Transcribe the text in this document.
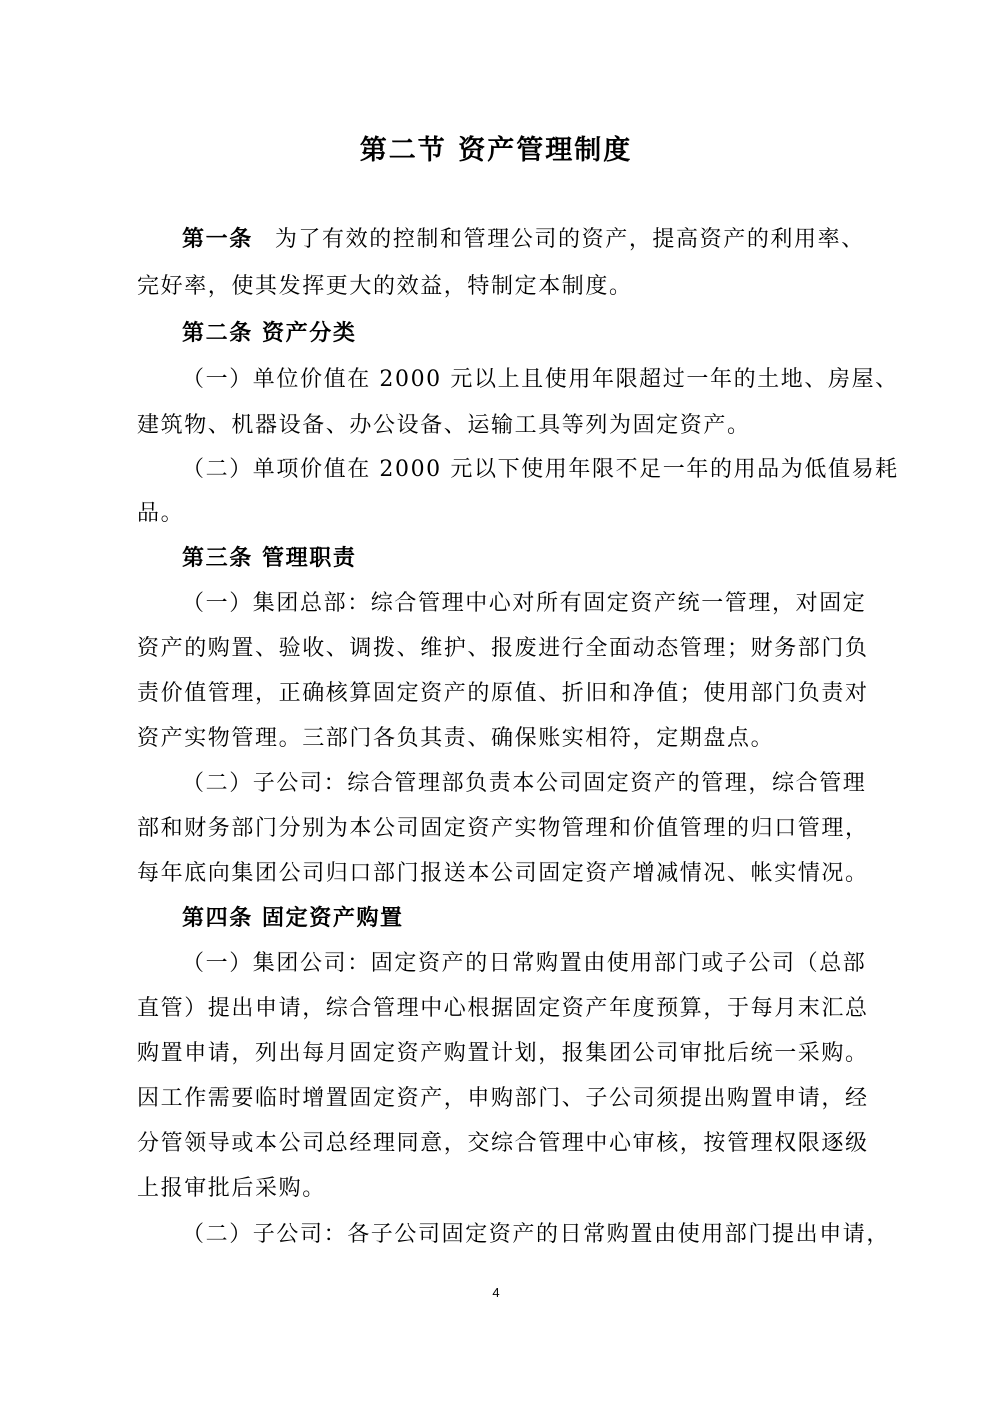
第二节 资产管理制度
第一条 为了有效的控制和管理公司的资产，提高资产的利用率、
完好率，使其发挥更大的效益，特制定本制度。
第二条 资产分类
（一）单位价值在 2000 元以上且使用年限超过一年的土地、房屋、
建筑物、机器设备、办公设备、运输工具等列为固定资产。
（二）单项价值在 2000 元以下使用年限不足一年的用品为低值易耗
品。
第三条 管理职责
（一）集团总部：综合管理中心对所有固定资产统一管理，对固定
资产的购置、验收、调拨、维护、报废进行全面动态管理；财务部门负
责价值管理，正确核算固定资产的原值、折旧和净值；使用部门负责对
资产实物管理。三部门各负其责、确保账实相符，定期盘点。
（二）子公司：综合管理部负责本公司固定资产的管理，综合管理
部和财务部门分别为本公司固定资产实物管理和价值管理的归口管理，
每年底向集团公司归口部门报送本公司固定资产增减情况、帐实情况。
第四条 固定资产购置
（一）集团公司：固定资产的日常购置由使用部门或子公司（总部
直管）提出申请，综合管理中心根据固定资产年度预算，于每月末汇总
购置申请，列出每月固定资产购置计划，报集团公司审批后统一采购。
因工作需要临时增置固定资产，申购部门、子公司须提出购置申请，经
分管领导或本公司总经理同意，交综合管理中心审核，按管理权限逐级
上报审批后采购。
（二）子公司：各子公司固定资产的日常购置由使用部门提出申请，
4
